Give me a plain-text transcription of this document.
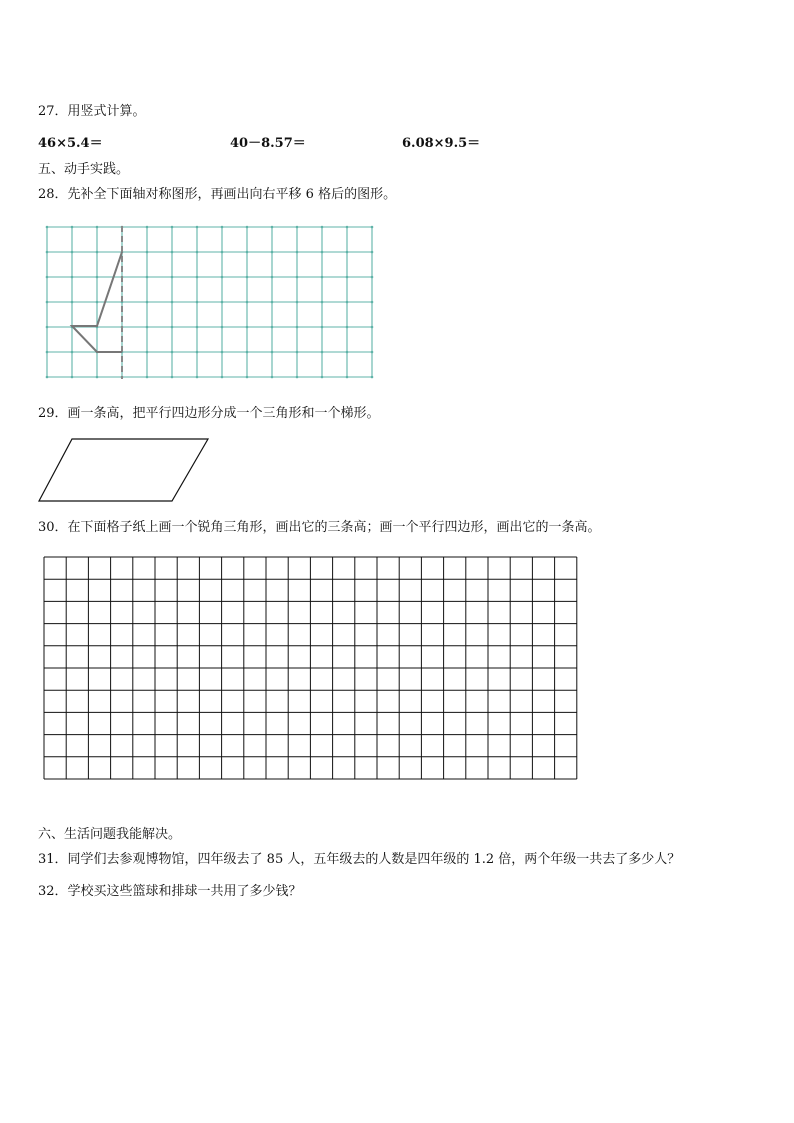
27．用竖式计算。
46×5.4＝	40－8.57＝	6.08×9.5＝
五、动手实践。
28．先补全下面轴对称图形，再画出向右平移 6 格后的图形。
29．画一条高，把平行四边形分成一个三角形和一个梯形。
30．在下面格子纸上画一个锐角三角形，画出它的三条高；画一个平行四边形，画出它的一条高。
六、生活问题我能解决。
31．同学们去参观博物馆，四年级去了 85 人，五年级去的人数是四年级的 1.2 倍，两个年级一共去了多少人？
32．学校买这些篮球和排球一共用了多少钱？
